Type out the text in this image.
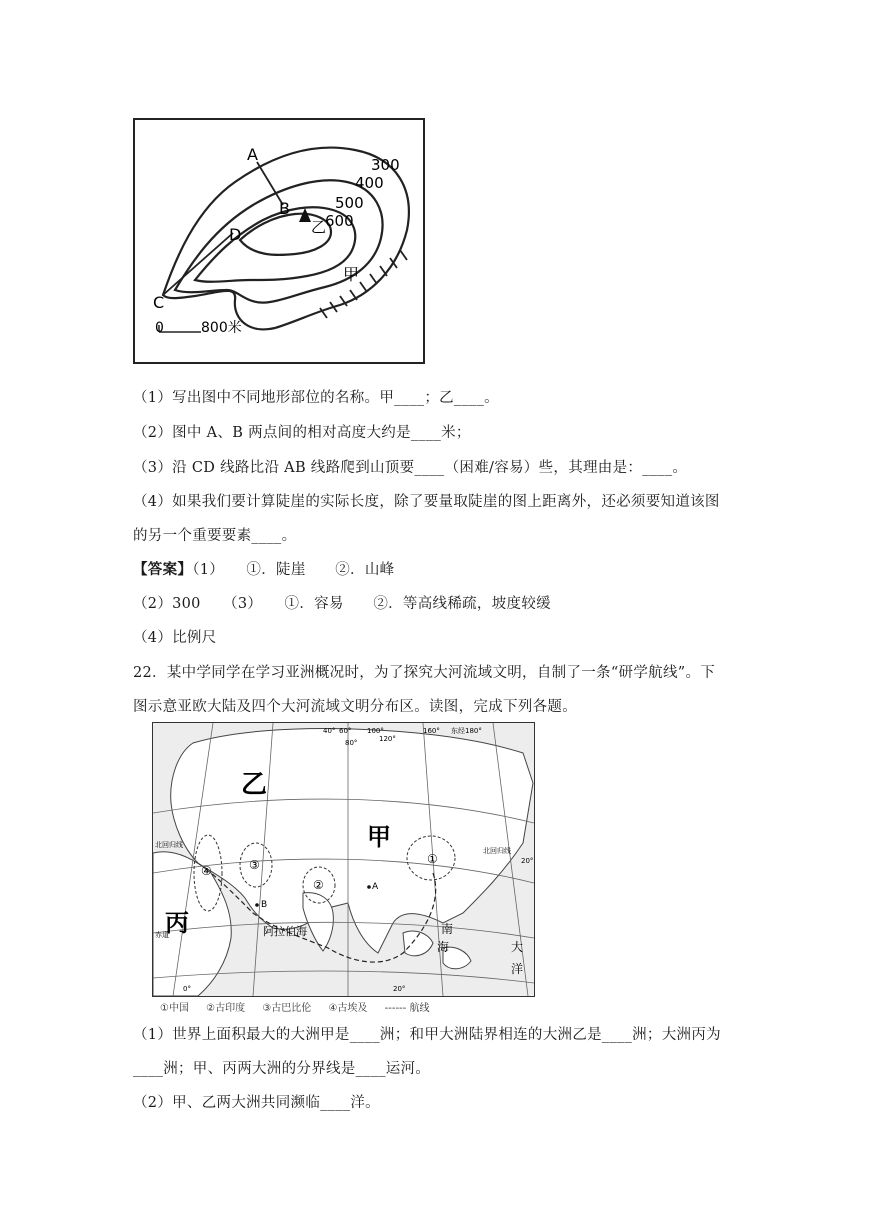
A
B
D
C
乙
甲
300
400
500
600
0	800米
（1）写出图中不同地形部位的名称。甲____；乙____。
（2）图中 A、B 两点间的相对高度大约是____米；
（3）沿 CD 线路比沿 AB 线路爬到山顶要____（困难/容易）些，其理由是：____。
（4）如果我们要计算陡崖的实际长度，除了要量取陡崖的图上距离外，还必须要知道该图
的另一个重要要素____。
【答案】（1）　　①．陡崖　　②．山峰
（2）300　　（3）　　①．容易　　②．等高线稀疏，坡度较缓
（4）比例尺
22．某中学同学在学习亚洲概况时，为了探究大河流域文明，自制了一条“研学航线”。下
图示意亚欧大陆及四个大河流域文明分布区。读图，完成下列各题。
乙
甲
丙	阿拉伯海	南
海	大
洋
A
B
①
②
③
④
北回归线
北回归线
40° 60°
80°
100°
120°
160° 东经180°
20°
赤道
0°	20°
①中国 ②古印度 ③古巴比伦 ④古埃及 ------ 航线
（1）世界上面积最大的大洲甲是____洲；和甲大洲陆界相连的大洲乙是____洲；大洲丙为
____洲；甲、丙两大洲的分界线是____运河。
（2）甲、乙两大洲共同濒临____洋。
